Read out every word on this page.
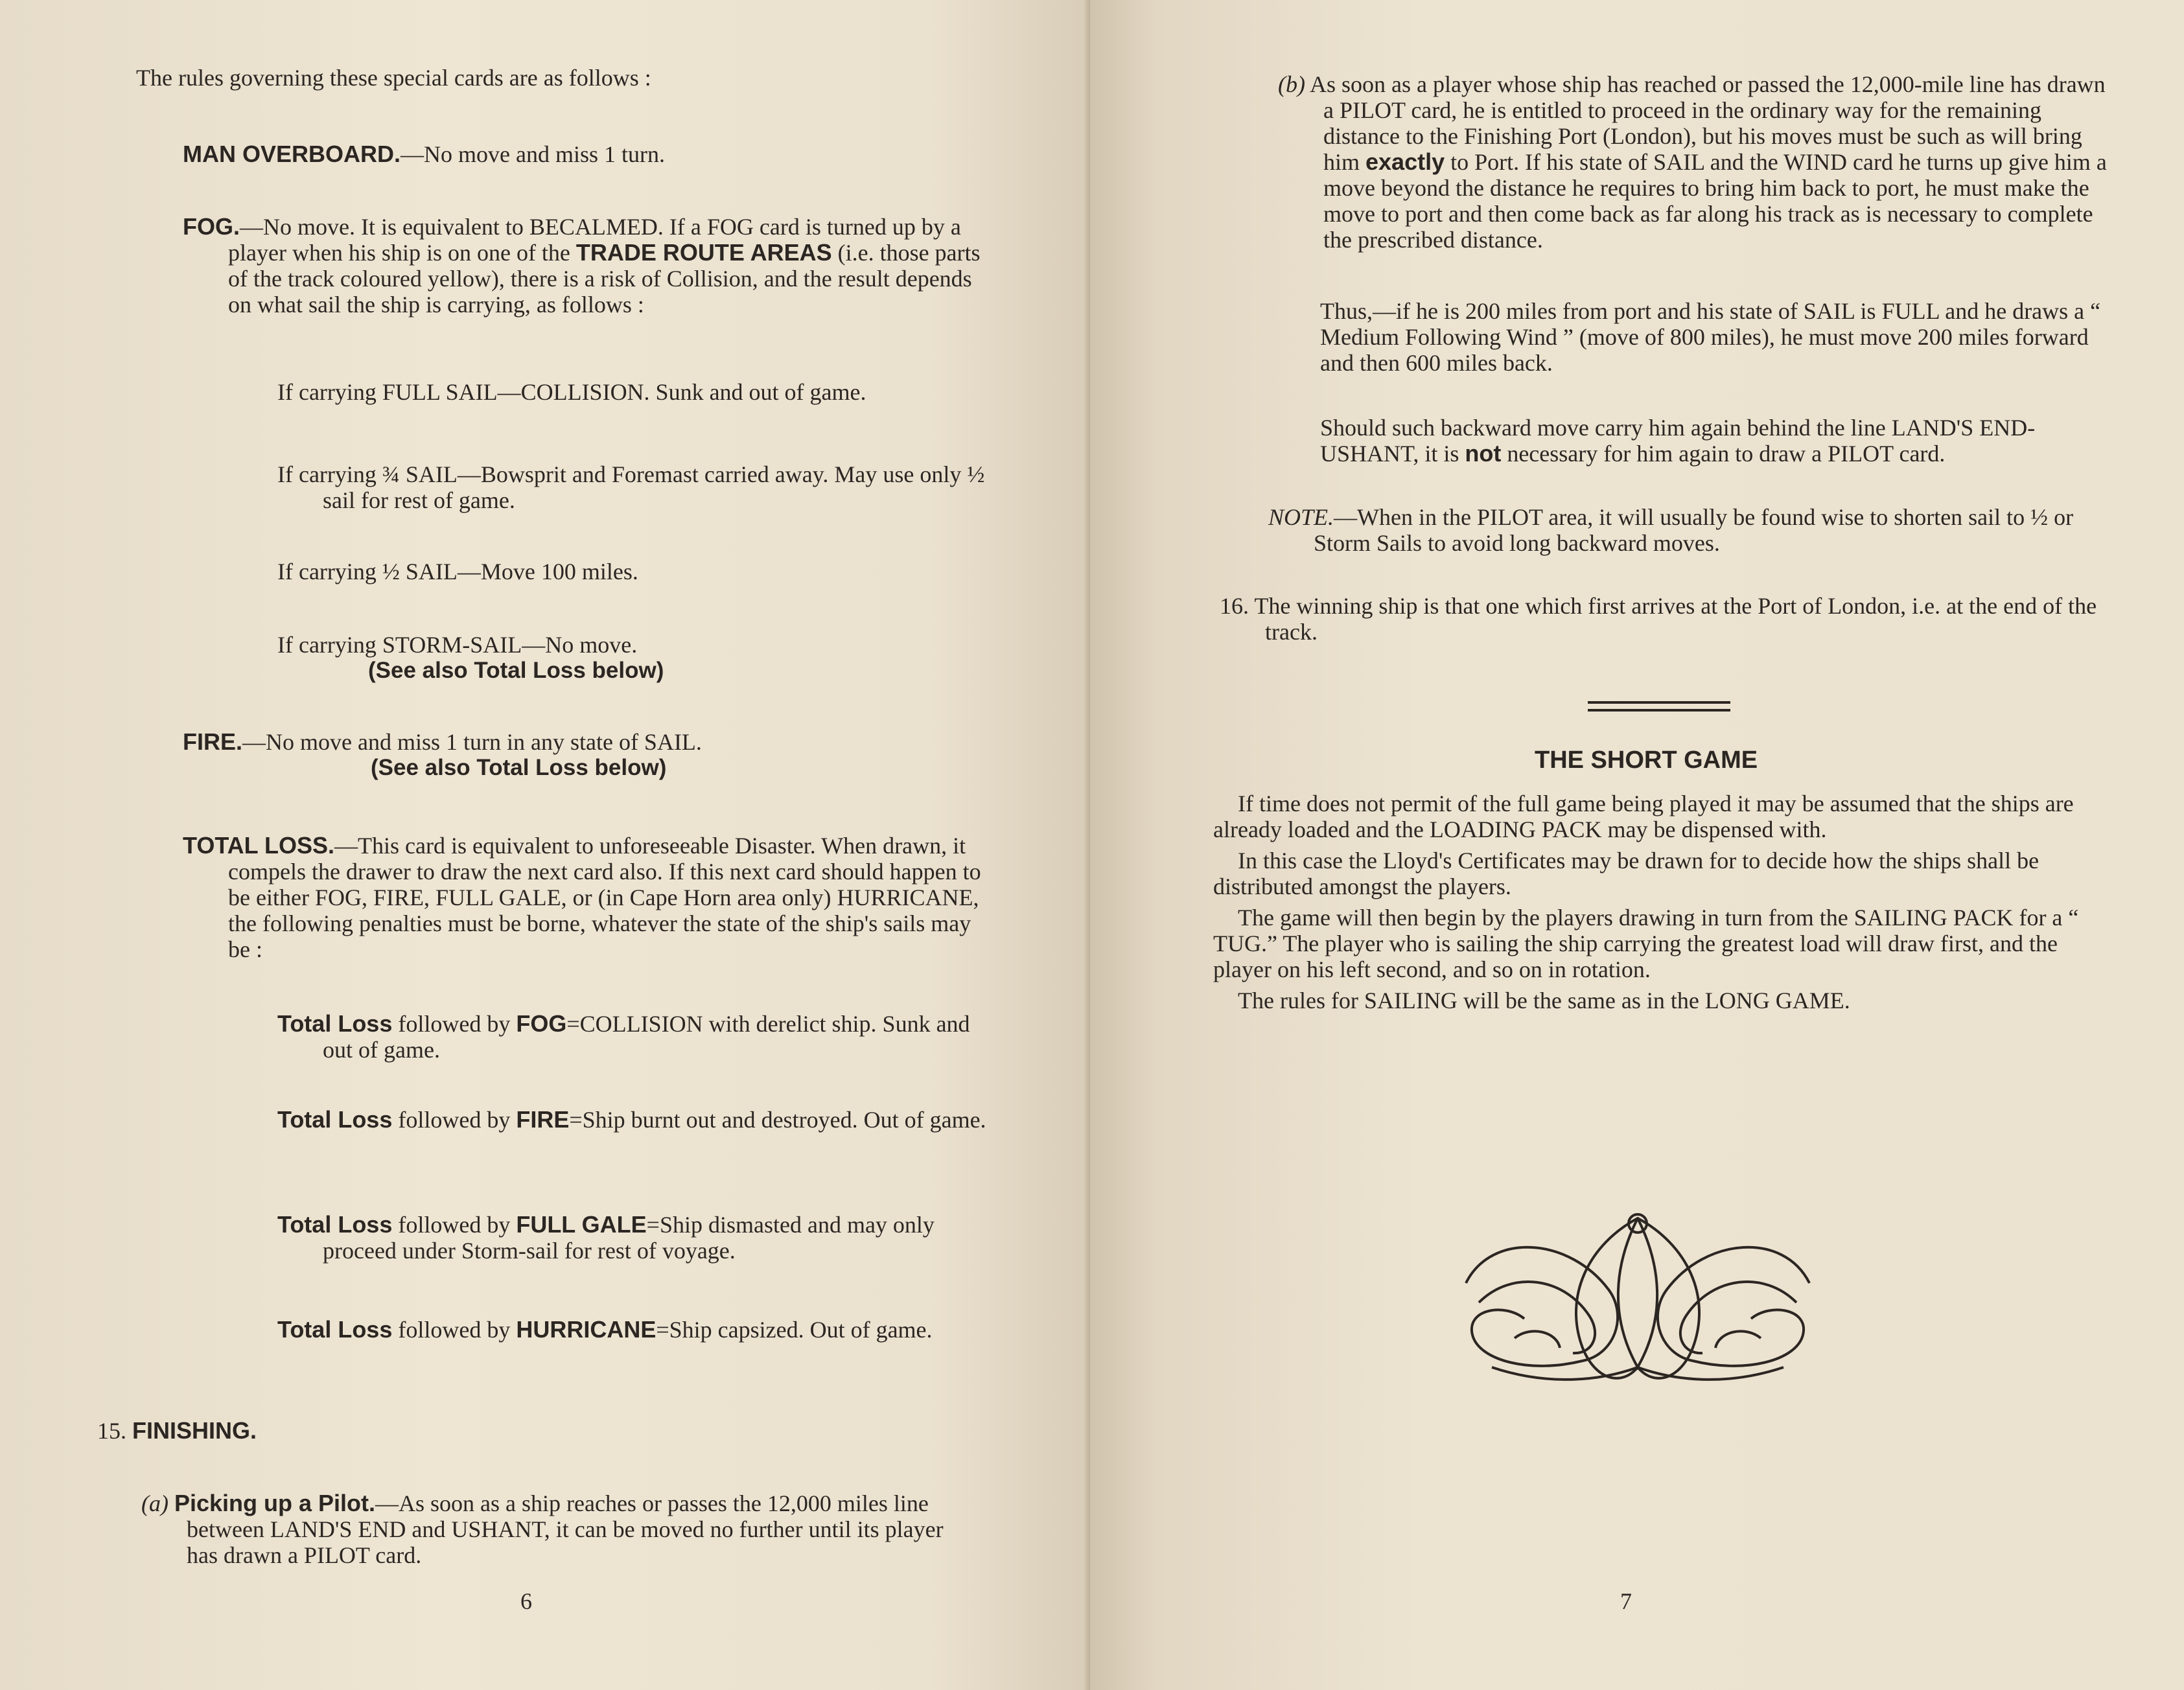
The rules governing these special cards are as follows :

MAN OVERBOARD.—No move and miss 1 turn.

FOG.—No move. It is equivalent to BECALMED. If a FOG card is turned up by a player when his ship is on one of the TRADE ROUTE AREAS (i.e. those parts of the track coloured yellow), there is a risk of Collision, and the result depends on what sail the ship is carrying, as follows :

If carrying FULL SAIL—COLLISION. Sunk and out of game.

If carrying ¾ SAIL—Bowsprit and Foremast carried away. May use only ½ sail for rest of game.

If carrying ½ SAIL—Move 100 miles.

If carrying STORM-SAIL—No move.

(See also Total Loss below)

FIRE.—No move and miss 1 turn in any state of SAIL.

(See also Total Loss below)

TOTAL LOSS.—This card is equivalent to unforeseeable Disaster. When drawn, it compels the drawer to draw the next card also. If this next card should happen to be either FOG, FIRE, FULL GALE, or (in Cape Horn area only) HURRICANE, the following penalties must be borne, whatever the state of the ship's sails may be :

Total Loss followed by FOG=COLLISION with derelict ship. Sunk and out of game.

Total Loss followed by FIRE=Ship burnt out and destroyed. Out of game.

Total Loss followed by FULL GALE=Ship dismasted and may only proceed under Storm-sail for rest of voyage.

Total Loss followed by HURRICANE=Ship capsized. Out of game.

15. FINISHING.

(a) Picking up a Pilot.—As soon as a ship reaches or passes the 12,000 miles line between LAND'S END and USHANT, it can be moved no further until its player has drawn a PILOT card.

6

(b) As soon as a player whose ship has reached or passed the 12,000-mile line has drawn a PILOT card, he is entitled to proceed in the ordinary way for the remaining distance to the Finishing Port (London), but his moves must be such as will bring him exactly to Port. If his state of SAIL and the WIND card he turns up give him a move beyond the distance he requires to bring him back to port, he must make the move to port and then come back as far along his track as is necessary to complete the prescribed distance.

Thus,—if he is 200 miles from port and his state of SAIL is FULL and he draws a “ Medium Following Wind ” (move of 800 miles), he must move 200 miles forward and then 600 miles back.

Should such backward move carry him again behind the line LAND'S END-USHANT, it is not necessary for him again to draw a PILOT card.

NOTE.—When in the PILOT area, it will usually be found wise to shorten sail to ½ or Storm Sails to avoid long backward moves.

16. The winning ship is that one which first arrives at the Port of London, i.e. at the end of the track.

THE SHORT GAME

If time does not permit of the full game being played it may be assumed that the ships are already loaded and the LOADING PACK may be dispensed with.

In this case the Lloyd's Certificates may be drawn for to decide how the ships shall be distributed amongst the players.

The game will then begin by the players drawing in turn from the SAILING PACK for a “ TUG.” The player who is sailing the ship carrying the greatest load will draw first, and the player on his left second, and so on in rotation.

The rules for SAILING will be the same as in the LONG GAME.

7
